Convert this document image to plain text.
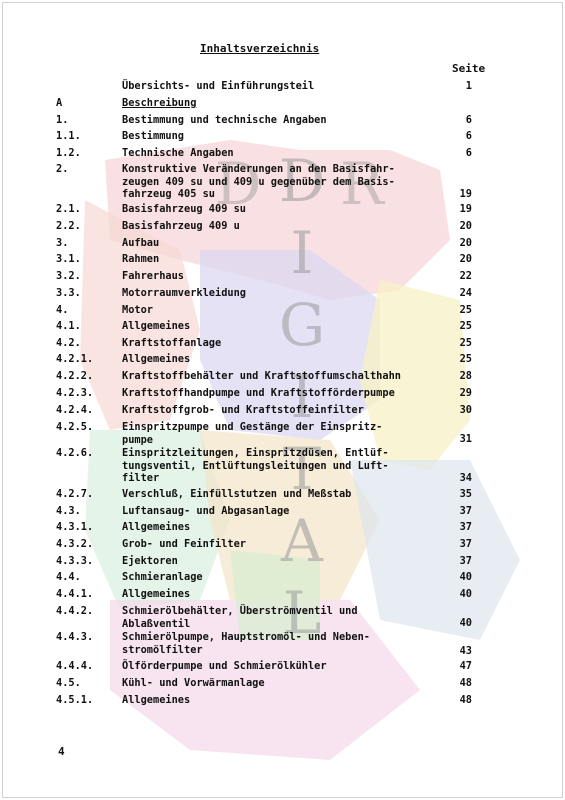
D R
D
I
G
I
T
A
L
Inhaltsverzeichnis
Seite
Übersichts- und Einführungsteil	1
A	Beschreibung
1.	Bestimmung und technische Angaben	6
1.1.	Bestimmung	6
1.2.	Technische Angaben	6
2.	Konstruktive Veränderungen an den Basisfahr-
zeugen 409 su und 409 u gegenüber dem Basis-
fahrzeug 405 su	19
2.1.	Basisfahrzeug 409 su	19
2.2.	Basisfahrzeug 409 u	20
3.	Aufbau	20
3.1.	Rahmen	20
3.2.	Fahrerhaus	22
3.3.	Motorraumverkleidung	24
4.	Motor	25
4.1.	Allgemeines	25
4.2.	Kraftstoffanlage	25
4.2.1.	Allgemeines	25
4.2.2.	Kraftstoffbehälter und Kraftstoffumschalthahn	28
4.2.3.	Kraftstoffhandpumpe und Kraftstofförderpumpe	29
4.2.4.	Kraftstoffgrob- und Kraftstoffeinfilter	30
4.2.5.	Einspritzpumpe und Gestänge der Einspritz-
pumpe	31
4.2.6.	Einspritzleitungen, Einspritzdüsen, Entlüf-
tungsventil, Entlüftungsleitungen und Luft-
filter	34
4.2.7.	Verschluß, Einfüllstutzen und Meßstab	35
4.3.	Luftansaug- und Abgasanlage	37
4.3.1.	Allgemeines	37
4.3.2.	Grob- und Feinfilter	37
4.3.3.	Ejektoren	37
4.4.	Schmieranlage	40
4.4.1.	Allgemeines	40
4.4.2.	Schmierölbehälter, Überströmventil und
Ablaßventil	40
4.4.3.	Schmierölpumpe, Hauptstromöl- und Neben-
stromölfilter	43
4.4.4.	Ölförderpumpe und Schmierölkühler	47
4.5.	Kühl- und Vorwärmanlage	48
4.5.1.	Allgemeines	48
4
